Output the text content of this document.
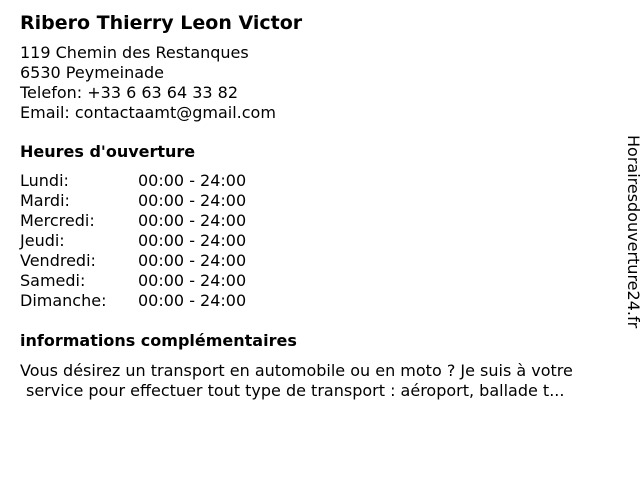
Ribero Thierry Leon Victor
119 Chemin des Restanques
6530 Peymeinade
Telefon: +33 6 63 64 33 82
Email: contactaamt@gmail.com
Heures d'ouverture
Lundi:	00:00 - 24:00
Mardi:	00:00 - 24:00
Mercredi:	00:00 - 24:00
Jeudi:	00:00 - 24:00
Vendredi:	00:00 - 24:00
Samedi:	00:00 - 24:00
Dimanche:	00:00 - 24:00
informations complémentaires
Vous désirez un transport en automobile ou en moto ? Je suis à votre
service pour effectuer tout type de transport : aéroport, ballade t...
Horairesdouverture24.fr
